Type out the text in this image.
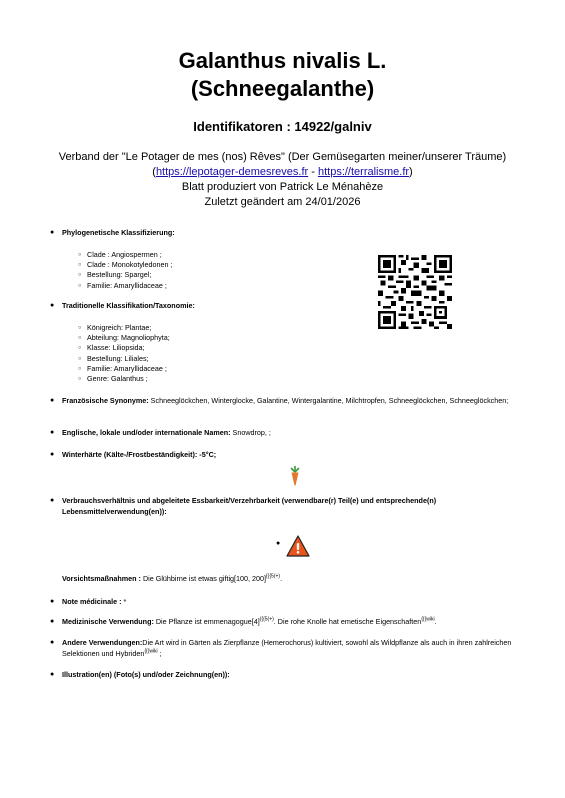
Galanthus nivalis L.
(Schneegalanthe)
Identifikatoren : 14922/galniv
Verband der "Le Potager de mes (nos) Rêves" (Der Gemüsegarten meiner/unserer Träume)
(https://lepotager-demesreves.fr - https://terralisme.fr)
Blatt produziert von Patrick Le Ménahèze
Zuletzt geändert am 24/01/2026
● Phylogenetische Klassifizierung:
○ Clade : Angiospermen ;
○ Clade : Monokotyledonen ;
○ Bestellung: Spargel;
○ Familie: Amaryllidaceae ;
● Traditionelle Klassifikation/Taxonomie:
○ Königreich: Plantae;
○ Abteilung: Magnoliophyta;
○ Klasse: Liliopsida;
○ Bestellung: Liliales;
○ Familie: Amaryllidaceae ;
○ Genre: Galanthus ;
● Französische Synonyme: Schneeglöckchen, Winterglocke, Galantine, Wintergalantine, Milchtropfen, Schneeglöckchen, Schneeglöckchen;
● Englische, lokale und/oder internationale Namen: Snowdrop, ;
● Winterhärte (Kälte-/Frostbeständigkeit): -5°C;
● Verbrauchsverhältnis und abgeleitete Essbarkeit/Verzehrbarkeit (verwendbare(r) Teil(e) und entsprechende(n) Lebensmittelverwendung(en)):
Vorsichtsmaßnahmen : Die Glühbirne ist etwas giftig[100, 200]$^{\{\{\{5(+)}$.
● Note médicinale : *
● Medizinische Verwendung: Die Pflanze ist $emmenagogue[4]^{\{\{\{5(+)}$. Die rohe Knolle hat emetische Eigenschaften$^{\{\{\{wiki}$.
● Andere Verwendungen:Die Art wird in Gärten als Zierpflanze (Hemerochorus) kultiviert, sowohl als Wildpflanze als auch in ihren zahlreichen Selektionen und Hybriden$^{\{\{\{wiki}$ ;
● Illustration(en) (Foto(s) und/oder Zeichnung(en)):
●
